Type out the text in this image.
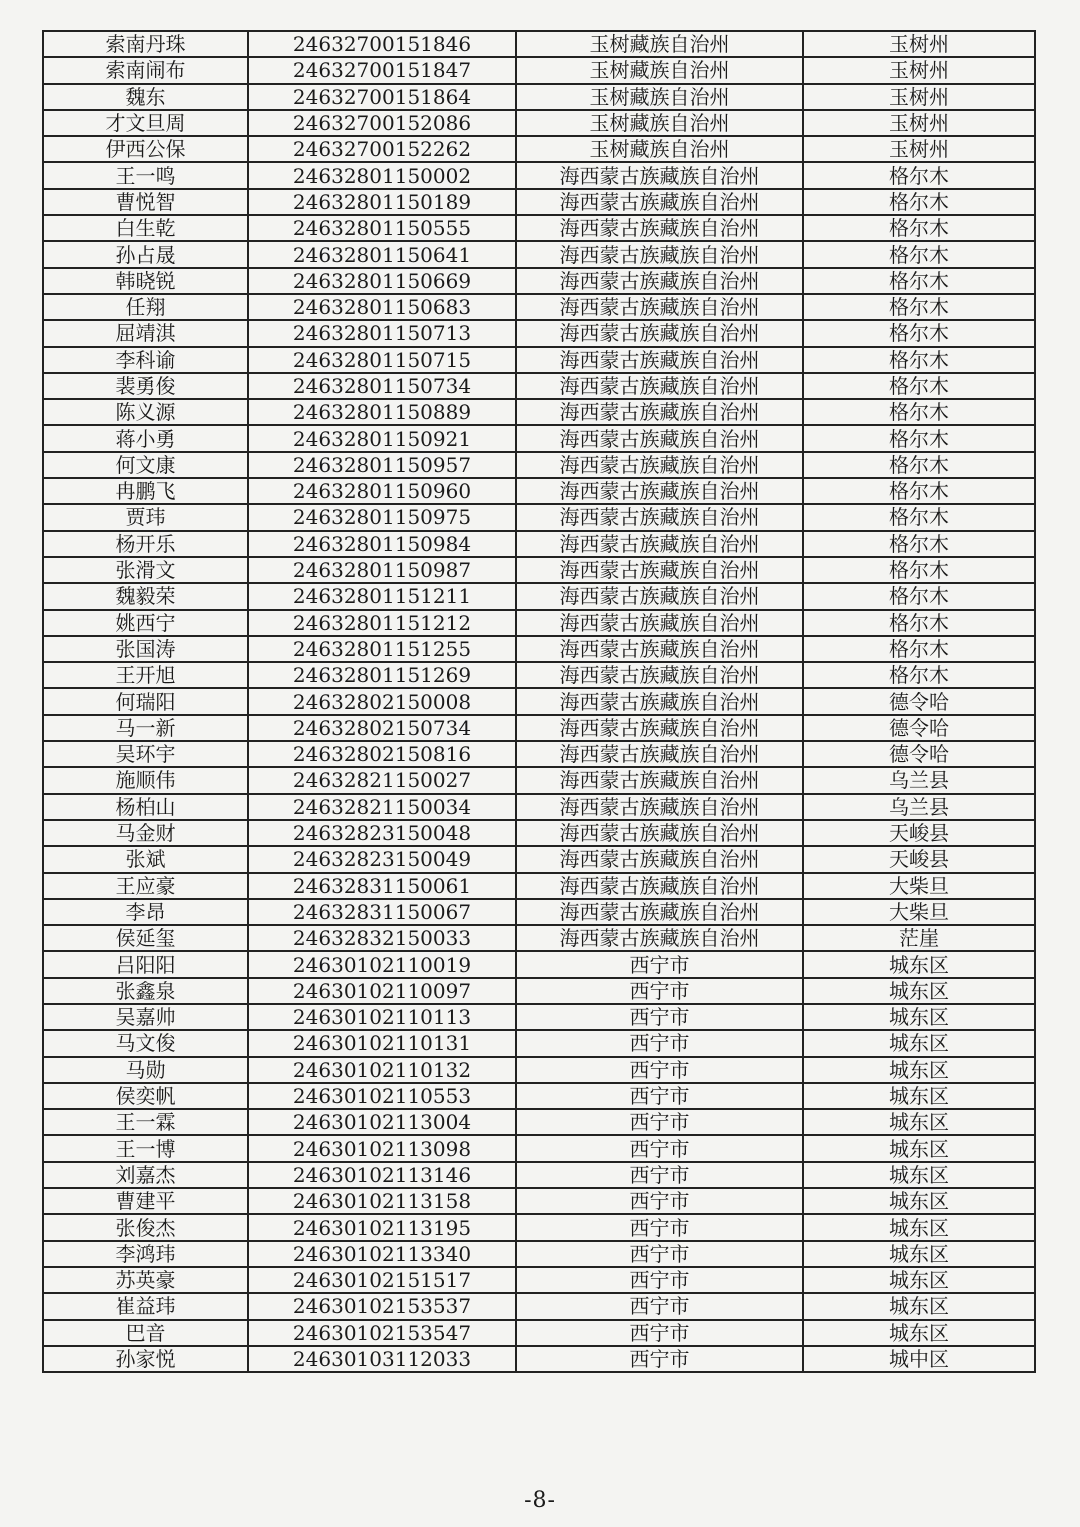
索南丹珠	24632700151846	玉树藏族自治州	玉树州
索南闹布	24632700151847	玉树藏族自治州	玉树州
魏东	24632700151864	玉树藏族自治州	玉树州
才文旦周	24632700152086	玉树藏族自治州	玉树州
伊西公保	24632700152262	玉树藏族自治州	玉树州
王一鸣	24632801150002	海西蒙古族藏族自治州	格尔木
曹悦智	24632801150189	海西蒙古族藏族自治州	格尔木
白生乾	24632801150555	海西蒙古族藏族自治州	格尔木
孙占晟	24632801150641	海西蒙古族藏族自治州	格尔木
韩晓锐	24632801150669	海西蒙古族藏族自治州	格尔木
任翔	24632801150683	海西蒙古族藏族自治州	格尔木
屈靖淇	24632801150713	海西蒙古族藏族自治州	格尔木
李科谕	24632801150715	海西蒙古族藏族自治州	格尔木
裴勇俊	24632801150734	海西蒙古族藏族自治州	格尔木
陈义源	24632801150889	海西蒙古族藏族自治州	格尔木
蒋小勇	24632801150921	海西蒙古族藏族自治州	格尔木
何文康	24632801150957	海西蒙古族藏族自治州	格尔木
冉鹏飞	24632801150960	海西蒙古族藏族自治州	格尔木
贾玮	24632801150975	海西蒙古族藏族自治州	格尔木
杨开乐	24632801150984	海西蒙古族藏族自治州	格尔木
张滑文	24632801150987	海西蒙古族藏族自治州	格尔木
魏毅荣	24632801151211	海西蒙古族藏族自治州	格尔木
姚西宁	24632801151212	海西蒙古族藏族自治州	格尔木
张国涛	24632801151255	海西蒙古族藏族自治州	格尔木
王开旭	24632801151269	海西蒙古族藏族自治州	格尔木
何瑞阳	24632802150008	海西蒙古族藏族自治州	德令哈
马一新	24632802150734	海西蒙古族藏族自治州	德令哈
吴环宇	24632802150816	海西蒙古族藏族自治州	德令哈
施顺伟	24632821150027	海西蒙古族藏族自治州	乌兰县
杨柏山	24632821150034	海西蒙古族藏族自治州	乌兰县
马金财	24632823150048	海西蒙古族藏族自治州	天峻县
张斌	24632823150049	海西蒙古族藏族自治州	天峻县
王应豪	24632831150061	海西蒙古族藏族自治州	大柴旦
李昂	24632831150067	海西蒙古族藏族自治州	大柴旦
侯延玺	24632832150033	海西蒙古族藏族自治州	茫崖
吕阳阳	24630102110019	西宁市	城东区
张鑫泉	24630102110097	西宁市	城东区
吴嘉帅	24630102110113	西宁市	城东区
马文俊	24630102110131	西宁市	城东区
马勋	24630102110132	西宁市	城东区
侯奕帆	24630102110553	西宁市	城东区
王一霖	24630102113004	西宁市	城东区
王一博	24630102113098	西宁市	城东区
刘嘉杰	24630102113146	西宁市	城东区
曹建平	24630102113158	西宁市	城东区
张俊杰	24630102113195	西宁市	城东区
李鸿玮	24630102113340	西宁市	城东区
苏英豪	24630102151517	西宁市	城东区
崔益玮	24630102153537	西宁市	城东区
巴音	24630102153547	西宁市	城东区
孙家悦	24630103112033	西宁市	城中区
-8-
